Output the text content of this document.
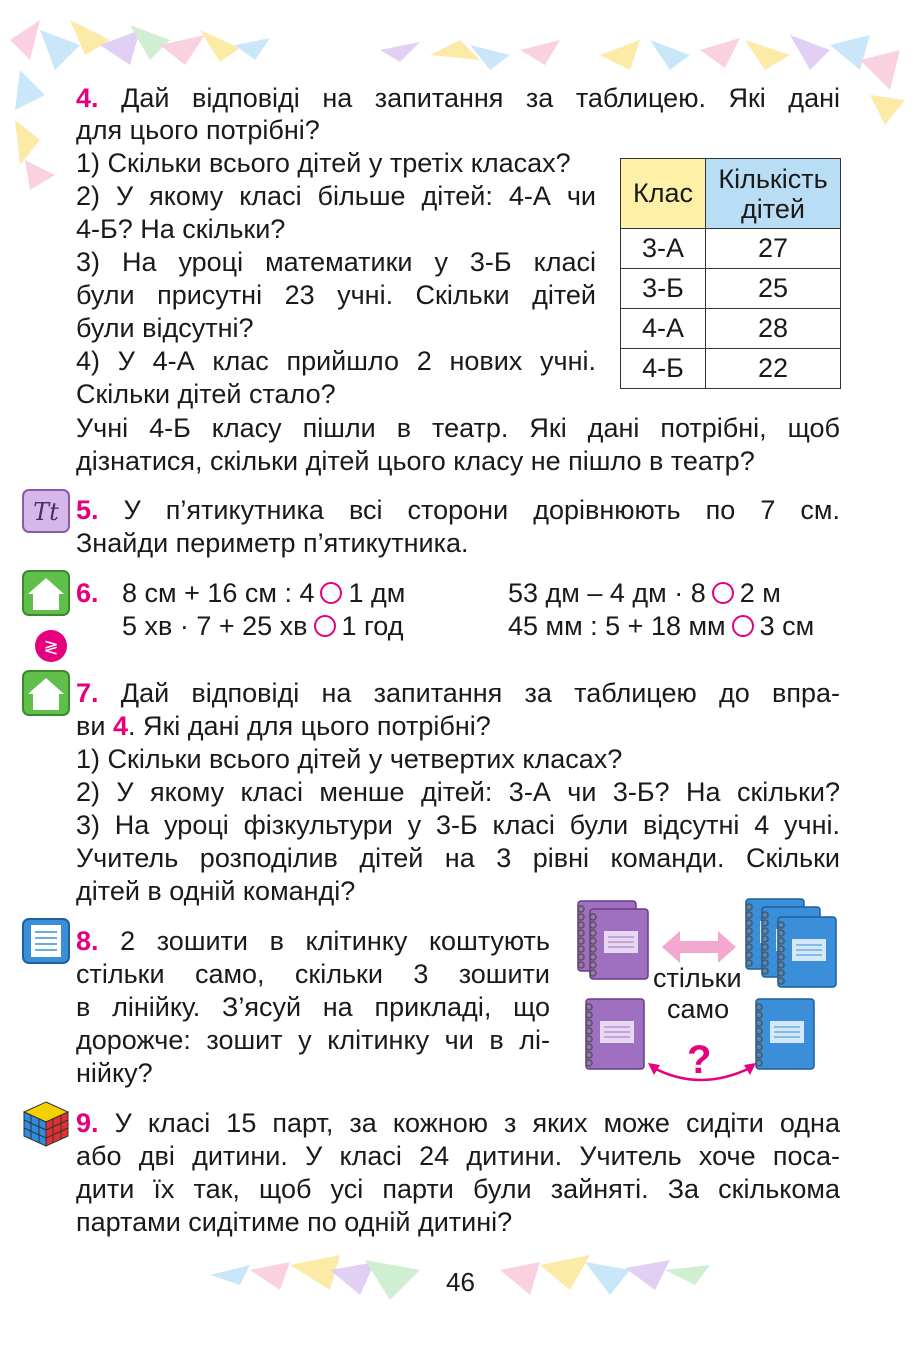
4. Дай відповіді на запитання за таблицею. Які дані
для цього потрібні?
1) Скільки всього дітей у третіх класах?
2) У якому класі більше дітей: 4-А чи
4-Б? На скільки?
3) На уроці математики у 3-Б класі
були присутні 23 учні. Скільки дітей
були відсутні?
4) У 4-А клас прийшло 2 нових учні.
Скільки дітей стало?
Учні 4-Б класу пішли в театр. Які дані потрібні, щоб
дізнатися, скільки дітей цього класу не пішло в театр?
Клас	Кількість
дітей

3-А	27
3-Б	25
4-А	28
4-Б	22
Tt 5. У п’ятикутника всі сторони дорівнюють по 7 см.
Знайди периметр п’ятикутника.
≷
6. 8 см + 16 см : 4 1 дм	53 дм – 4 дм · 8 2 м
5 хв · 7 + 25 хв 1 год	45 мм : 5 + 18 мм 3 см
7. Дай відповіді на запитання за таблицею до впра-
ви 4. Які дані для цього потрібні?
1) Скільки всього дітей у четвертих класах?
2) У якому класі менше дітей: 3-А чи 3-Б? На скільки?
3) На уроці фізкультури у 3-Б класі були відсутні 4 учні.
Учитель розподілив дітей на 3 рівні команди. Скільки
дітей в одній команді?
8. 2 зошити в клітинку коштують
стільки само, скільки 3 зошити
в лінійку. З’ясуй на прикладі, що
дорожче: зошит у клітинку чи в лі-
нійку?
стільки
само
?
9. У класі 15 парт, за кожною з яких може сидіти одна
або дві дитини. У класі 24 дитини. Учитель хоче поса-
дити їх так, щоб усі парти були зайняті. За скількома
партами сидітиме по одній дитині?
46
